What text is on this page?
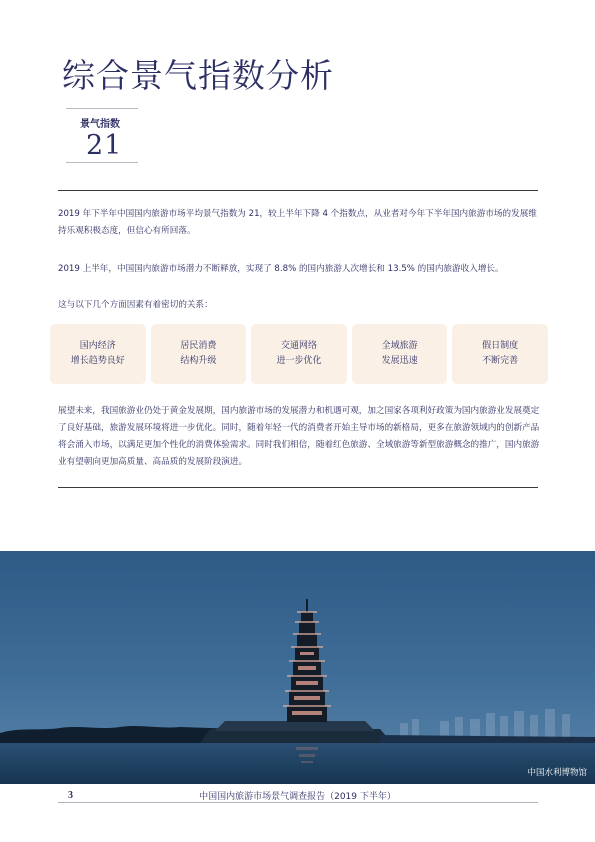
综合景气指数分析
景气指数
21

2019 年下半年中国国内旅游市场平均景气指数为 21，较上半年下降 4 个指数点，从业者对今年下半年国内旅游市场的发展维持乐观积极态度，但信心有所回落。

2019 上半年，中国国内旅游市场潜力不断释放，实现了 8.8% 的国内旅游人次增长和 13.5% 的国内旅游收入增长。

这与以下几个方面因素有着密切的关系：

国内经济
增长趋势良好
居民消费
结构升级
交通网络
进一步优化
全域旅游
发展迅速
假日制度
不断完善

展望未来，我国旅游业仍处于黄金发展期，国内旅游市场的发展潜力和机遇可观，加之国家各项利好政策为国内旅游业发展奠定了良好基础，旅游发展环境将进一步优化。同时，随着年轻一代的消费者开始主导市场的新格局，更多在旅游领域内的创新产品将会涌入市场，以满足更加个性化的消费体验需求。同时我们相信，随着红色旅游、全域旅游等新型旅游概念的推广，国内旅游业有望朝向更加高质量、高品质的发展阶段演进。

中国水利博物馆
3	中国国内旅游市场景气调查报告（2019 下半年）
